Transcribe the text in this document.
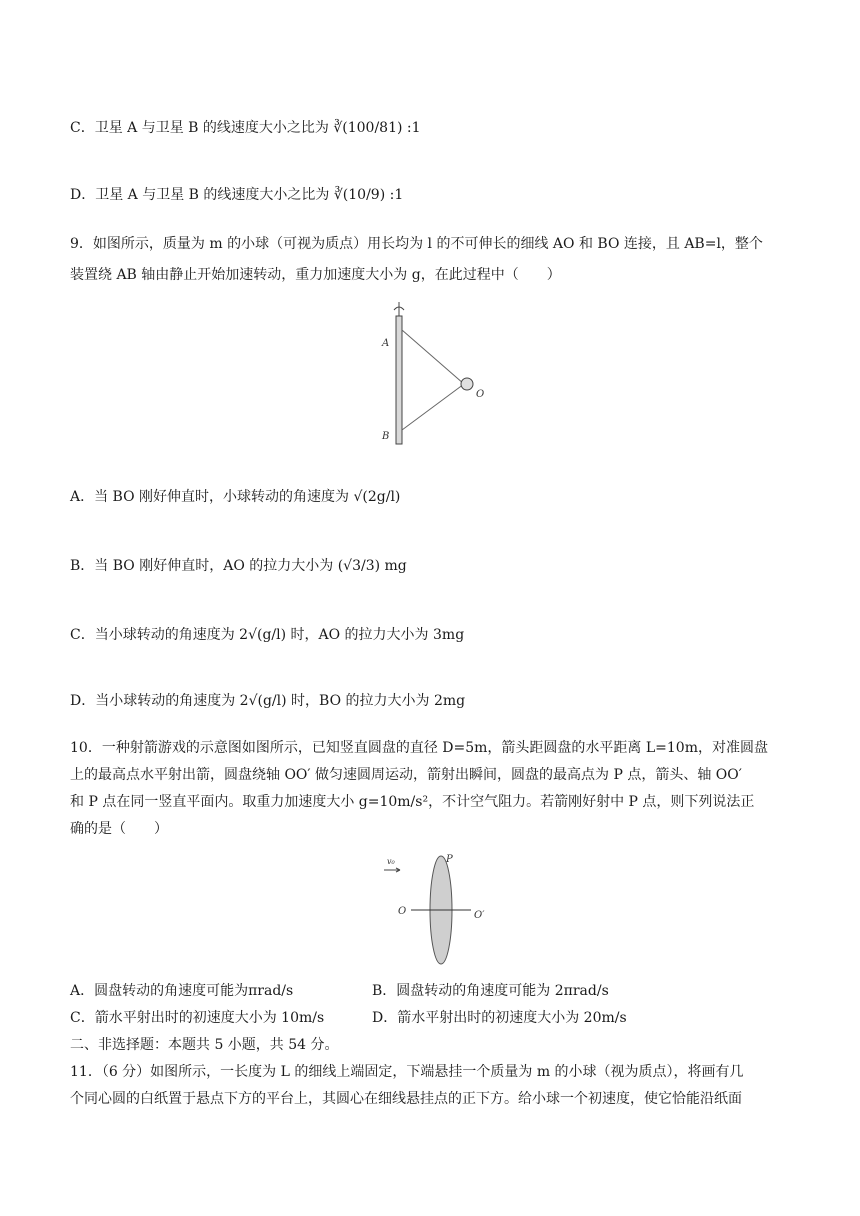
C．卫星 A 与卫星 B 的线速度大小之比为 ∛(100/81) :1
D．卫星 A 与卫星 B 的线速度大小之比为 ∛(10/9) :1
9．如图所示，质量为 m 的小球（可视为质点）用长均为 l 的不可伸长的细线 AO 和 BO 连接，且 AB=l，整个
装置绕 AB 轴由静止开始加速转动，重力加速度大小为 g，在此过程中（　　）
A
B
O
A．当 BO 刚好伸直时，小球转动的角速度为 √(2g/l)
B．当 BO 刚好伸直时，AO 的拉力大小为 (√3/3) mg
C．当小球转动的角速度为 2√(g/l) 时，AO 的拉力大小为 3mg
D．当小球转动的角速度为 2√(g/l) 时，BO 的拉力大小为 2mg
10．一种射箭游戏的示意图如图所示，已知竖直圆盘的直径 D=5m，箭头距圆盘的水平距离 L=10m，对准圆盘
上的最高点水平射出箭，圆盘绕轴 OO′ 做匀速圆周运动，箭射出瞬间，圆盘的最高点为 P 点，箭头、轴 OO′
和 P 点在同一竖直平面内。取重力加速度大小 g=10m/s²，不计空气阻力。若箭刚好射中 P 点，则下列说法正
确的是（　　）
v₀	P
O	O′
A．圆盘转动的角速度可能为πrad/s	B．圆盘转动的角速度可能为 2πrad/s
C．箭水平射出时的初速度大小为 10m/s	D．箭水平射出时的初速度大小为 20m/s
二、非选择题：本题共 5 小题，共 54 分。
11．（6 分）如图所示，一长度为 L 的细线上端固定，下端悬挂一个质量为 m 的小球（视为质点），将画有几
个同心圆的白纸置于悬点下方的平台上，其圆心在细线悬挂点的正下方。给小球一个初速度，使它恰能沿纸面
